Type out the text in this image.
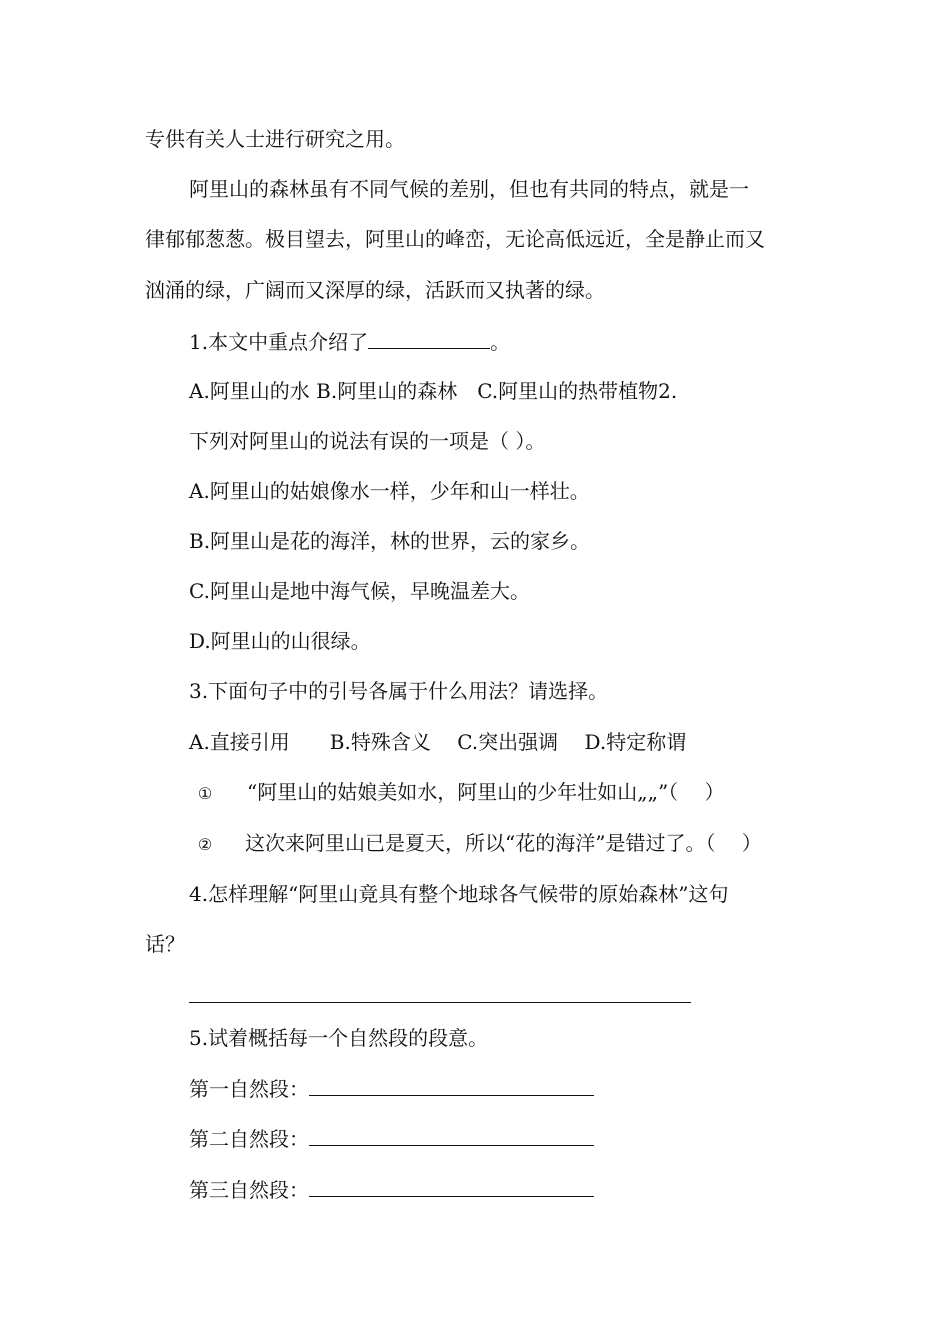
专供有关人士进行研究之用。
阿里山的森林虽有不同气候的差别，但也有共同的特点，就是一
律郁郁葱葱。极目望去，阿里山的峰峦，无论高低远近，全是静止而又
汹涌的绿，广阔而又深厚的绿，活跃而又执著的绿。
1.本文中重点介绍了	。
A.阿里山的水 B.阿里山的森林　C.阿里山的热带植物2.
下列对阿里山的说法有误的一项是（ ）。
A.阿里山的姑娘像水一样，少年和山一样壮。
B.阿里山是花的海洋，林的世界，云的家乡。
C.阿里山是地中海气候，早晚温差大。
D.阿里山的山很绿。
3.下面句子中的引号各属于什么用法？请选择。
A.直接引用　　B.特殊含义　 C.突出强调　 D.特定称谓
① “阿里山的姑娘美如水，阿里山的少年壮如山„„”（　 ）
② 这次来阿里山已是夏天，所以“花的海洋”是错过了。（　 ）
4.怎样理解“阿里山竟具有整个地球各气候带的原始森林”这句
话？
5.试着概括每一个自然段的段意。
第一自然段：
第二自然段：
第三自然段：
